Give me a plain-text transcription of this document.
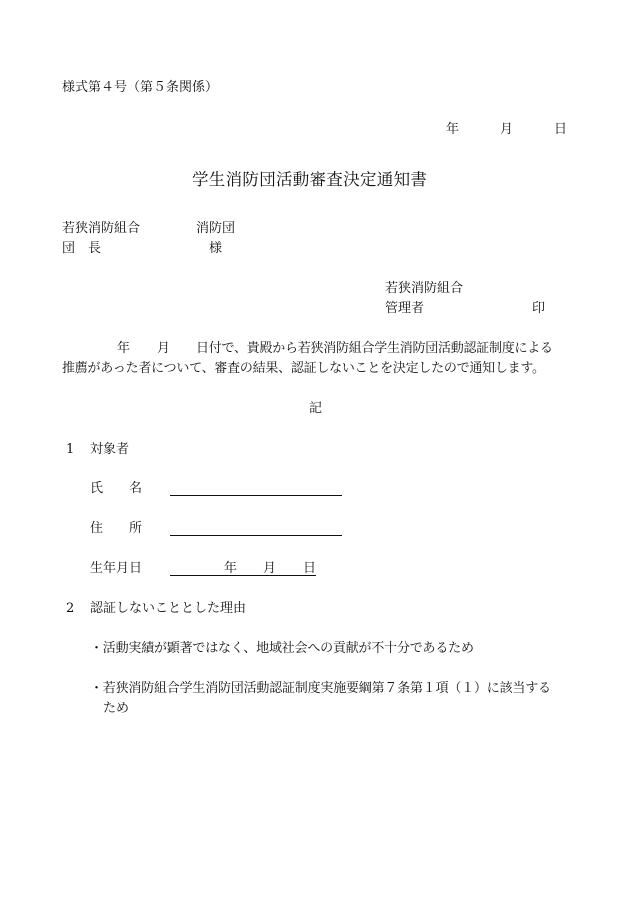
様式第４号（第５条関係）
年	月	日
学生消防団活動審査決定通知書
若狭消防組合	消防団
団　長	様
若狭消防組合
管理者	印
年 月 日付で、貴殿から若狭消防組合学生消防団活動認証制度による
推薦があった者について、審査の結果、認証しないことを決定したので通知します。
記
1 対象者
氏　　名
住　　所
生年月日	年 月 日
2 認証しないこととした理由
・活動実績が顕著ではなく、地域社会への貢献が不十分であるため
・若狭消防組合学生消防団活動認証制度実施要綱第７条第１項（１）に該当する
ため
